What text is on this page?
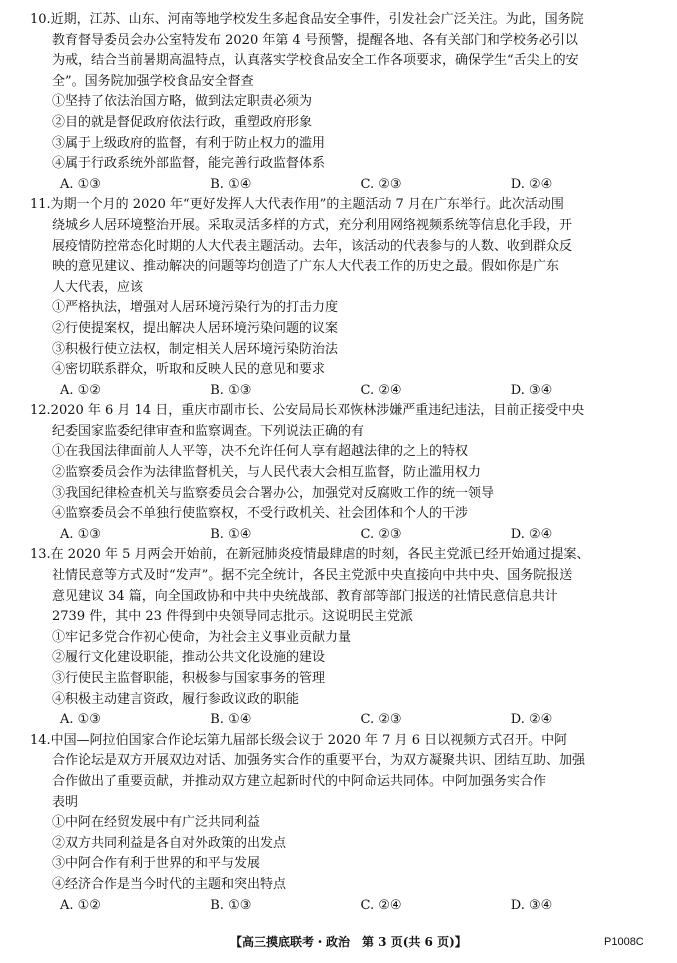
10.近期，江苏、山东、河南等地学校发生多起食品安全事件，引发社会广泛关注。为此，国务院
教育督导委员会办公室特发布 2020 年第 4 号预警，提醒各地、各有关部门和学校务必引以
为戒，结合当前暑期高温特点，认真落实学校食品安全工作各项要求，确保学生“舌尖上的安
全”。国务院加强学校食品安全督查
①坚持了依法治国方略，做到法定职责必须为
②目的就是督促政府依法行政，重塑政府形象
③属于上级政府的监督，有利于防止权力的滥用
④属于行政系统外部监督，能完善行政监督体系
A. ①③	B. ①④	C. ②③	D. ②④
11.为期一个月的 2020 年“更好发挥人大代表作用”的主题活动 7 月在广东举行。此次活动围
绕城乡人居环境整治开展。采取灵活多样的方式，充分利用网络视频系统等信息化手段，开
展疫情防控常态化时期的人大代表主题活动。去年，该活动的代表参与的人数、收到群众反
映的意见建议、推动解决的问题等均创造了广东人大代表工作的历史之最。假如你是广东
人大代表，应该
①严格执法，增强对人居环境污染行为的打击力度
②行使提案权，提出解决人居环境污染问题的议案
③积极行使立法权，制定相关人居环境污染防治法
④密切联系群众，听取和反映人民的意见和要求
A. ①②	B. ①③	C. ②④	D. ③④
12.2020 年 6 月 14 日，重庆市副市长、公安局局长邓恢林涉嫌严重违纪违法，目前正接受中央
纪委国家监委纪律审查和监察调查。下列说法正确的有
①在我国法律面前人人平等，决不允许任何人享有超越法律的之上的特权
②监察委员会作为法律监督机关，与人民代表大会相互监督，防止滥用权力
③我国纪律检查机关与监察委员会合署办公，加强党对反腐败工作的统一领导
④监察委员会不单独行使监察权，不受行政机关、社会团体和个人的干涉
A. ①③	B. ①④	C. ②③	D. ②④
13.在 2020 年 5 月两会开始前，在新冠肺炎疫情最肆虐的时刻，各民主党派已经开始通过提案、
社情民意等方式及时“发声”。据不完全统计，各民主党派中央直接向中共中央、国务院报送
意见建议 34 篇，向全国政协和中共中央统战部、教育部等部门报送的社情民意信息共计
2739 件，其中 23 件得到中央领导同志批示。这说明民主党派
①牢记多党合作初心使命，为社会主义事业贡献力量
②履行文化建设职能，推动公共文化设施的建设
③行使民主监督职能，积极参与国家事务的管理
④积极主动建言资政，履行参政议政的职能
A. ①③	B. ①④	C. ②③	D. ②④
14.中国—阿拉伯国家合作论坛第九届部长级会议于 2020 年 7 月 6 日以视频方式召开。中阿
合作论坛是双方开展双边对话、加强务实合作的重要平台，为双方凝聚共识、团结互助、加强
合作做出了重要贡献，并推动双方建立起新时代的中阿命运共同体。中阿加强务实合作
表明
①中阿在经贸发展中有广泛共同利益
②双方共同利益是各自对外政策的出发点
③中阿合作有利于世界的和平与发展
④经济合作是当今时代的主题和突出特点
A. ①②	B. ①③	C. ②④	D. ③④
【高三摸底联考・政治　第 3 页(共 6 页)】	P1008C
